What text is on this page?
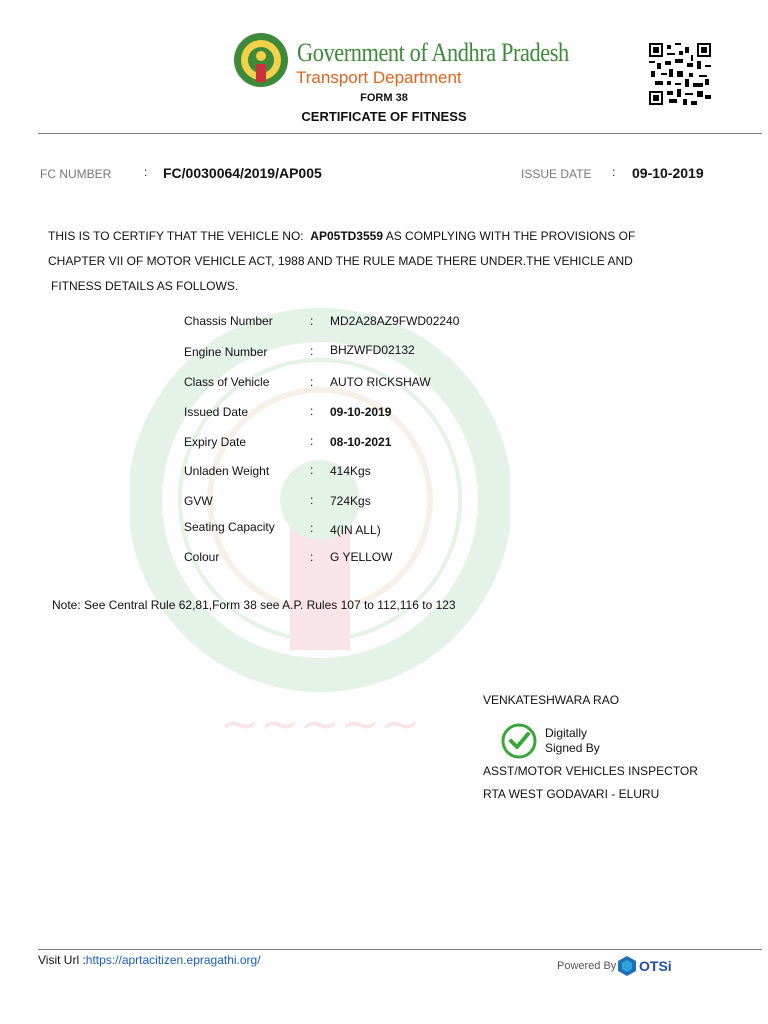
~~~~~
Government of Andhra Pradesh
Transport Department
FORM 38
CERTIFICATE OF FITNESS
FC NUMBER	: FC/0030064/2019/AP005	ISSUE DATE : 09-10-2019
THIS IS TO CERTIFY THAT THE VEHICLE NO: AP05TD3559 AS COMPLYING WITH THE PROVISIONS OF
CHAPTER VII OF MOTOR VEHICLE ACT, 1988 AND THE RULE MADE THERE UNDER.THE VEHICLE AND
FITNESS DETAILS AS FOLLOWS.
Chassis Number	: MD2A28AZ9FWD02240
Engine Number	: BHZWFD02132
Class of Vehicle	: AUTO RICKSHAW
Issued Date	: 09-10-2019
Expiry Date	: 08-10-2021
Unladen Weight	: 414Kgs
GVW	: 724Kgs
Seating Capacity	: 4(IN ALL)
Colour	: G YELLOW
Note: See Central Rule 62,81,Form 38 see A.P. Rules 107 to 112,116 to 123
VENKATESHWARA RAO
Digitally
Signed By
ASST/MOTOR VEHICLES INSPECTOR
RTA WEST GODAVARI - ELURU
Visit Url :https://aprtacitizen.epragathi.org/	Powered By OTSi
